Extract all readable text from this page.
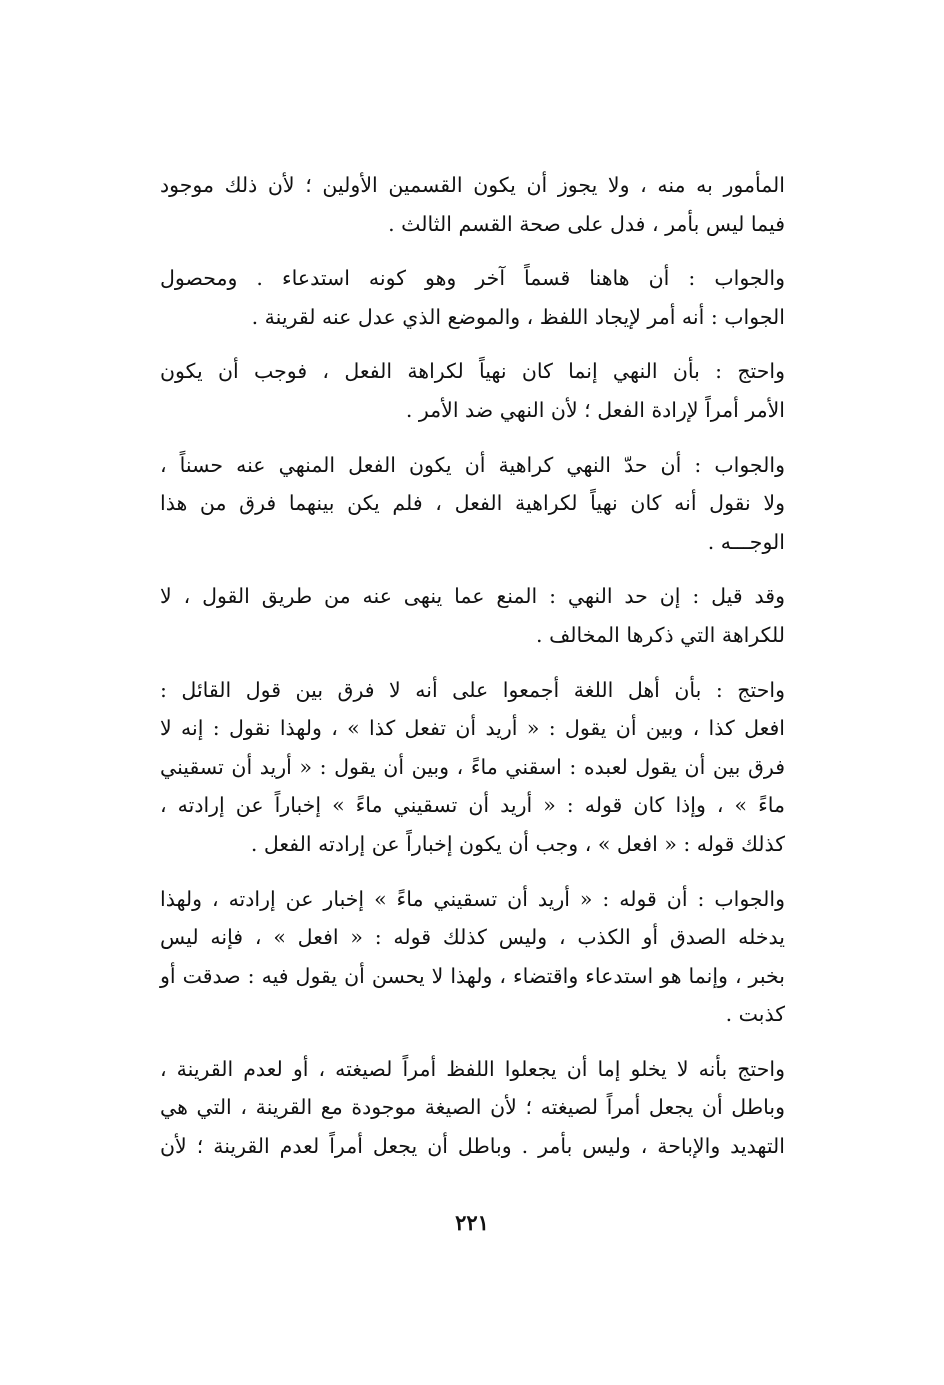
المأمور به منه ، ولا يجوز أن يكون القسمين الأولين ؛ لأن ذلك موجود
فيما ليس بأمر ، فدل على صحة القسم الثالث .
والجواب : أن هاهنا قسماً آخر وهو كونه استدعاء . ومحصول
الجواب : أنه أمر لإيجاد اللفظ ، والموضع الذي عدل عنه لقرينة .
واحتج : بأن النهي إنما كان نهياً لكراهة الفعل ، فوجب أن يكون
الأمر أمراً لإرادة الفعل ؛ لأن النهي ضد الأمر .
والجواب : أن حدّ النهي كراهية أن يكون الفعل المنهي عنه حسناً ،
ولا نقول أنه كان نهياً لكراهية الفعل ، فلم يكن بينهما فرق من هذا
الوجـــه .
وقد قيل : إن حد النهي : المنع عما ينهى عنه من طريق القول ، لا
للكراهة التي ذكرها المخالف .
واحتج : بأن أهل اللغة أجمعوا على أنه لا فرق بين قول القائل :
افعل كذا ، وبين أن يقول : « أريد أن تفعل كذا » ، ولهذا نقول : إنه لا
فرق بين أن يقول لعبده : اسقني ماءً ، وبين أن يقول : « أريد أن تسقيني
ماءً » ، وإذا كان قوله : « أريد أن تسقيني ماءً » إخباراً عن إرادته ،
كذلك قوله : « افعل » ، وجب أن يكون إخباراً عن إرادته الفعل .
والجواب : أن قوله : « أريد أن تسقيني ماءً » إخبار عن إرادته ، ولهذا
يدخله الصدق أو الكذب ، وليس كذلك قوله : « افعل » ، فإنه ليس
بخبر ، وإنما هو استدعاء واقتضاء ، ولهذا لا يحسن أن يقول فيه : صدقت أو
كذبت .
واحتج بأنه لا يخلو إما أن يجعلوا اللفظ أمراً لصيغته ، أو لعدم القرينة ،
وباطل أن يجعل أمراً لصيغته ؛ لأن الصيغة موجودة مع القرينة ، التي هي
التهديد والإباحة ، وليس بأمر . وباطل أن يجعل أمراً لعدم القرينة ؛ لأن
٢٢١
